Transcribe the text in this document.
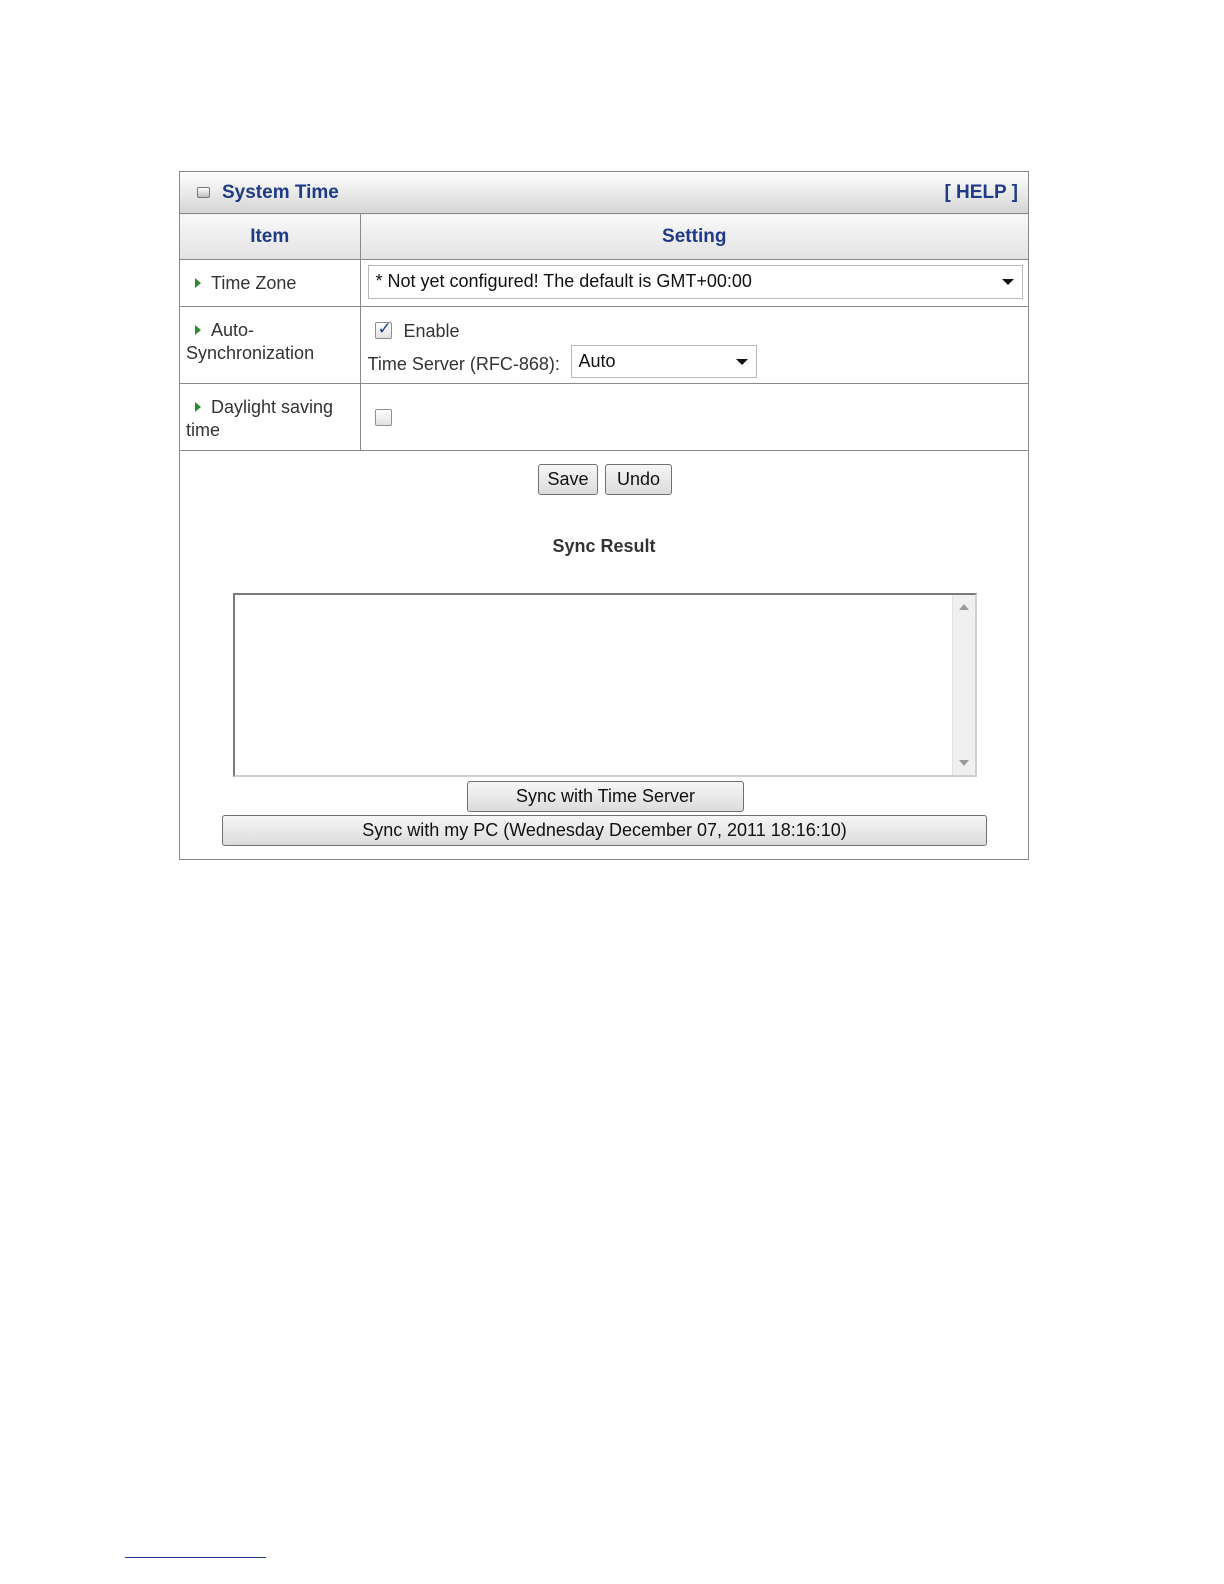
System Time	[ HELP ]
Item	Setting
Time Zone	* Not yet configured! The default is GMT+00:00

Auto-
Synchronization	✓ Enable
Time Server (RFC-868): Auto

Daylight saving
time	
Save	Undo
Sync Result
Sync with Time Server
Sync with my PC (Wednesday December 07, 2011 18:16:10)
